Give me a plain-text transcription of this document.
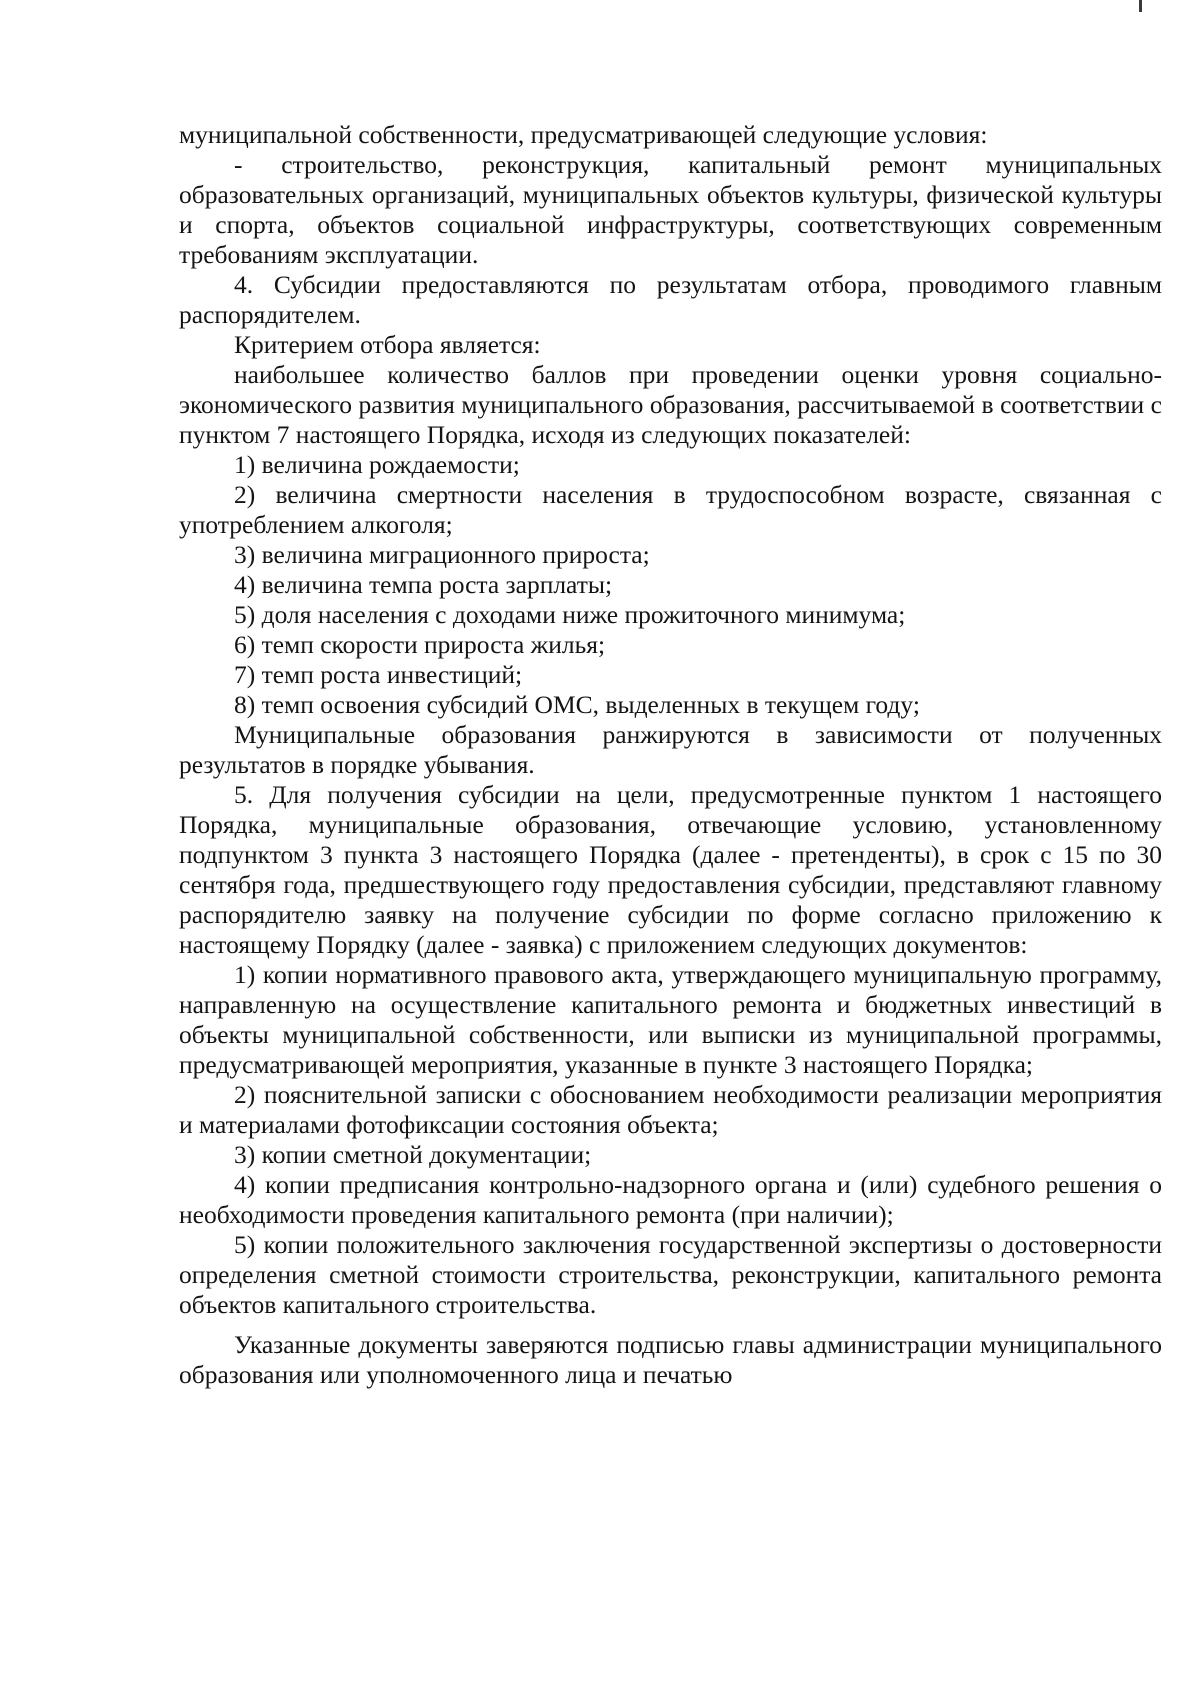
муниципальной собственности, предусматривающей следующие условия:

- строительство, реконструкция, капитальный ремонт муниципальных образовательных организаций, муниципальных объектов культуры, физической культуры и спорта, объектов социальной инфраструктуры, соответствующих современным требованиям эксплуатации.

4. Субсидии предоставляются по результатам отбора, проводимого главным распорядителем.

Критерием отбора является:

наибольшее количество баллов при проведении оценки уровня социально-экономического развития муниципального образования, рассчитываемой в соответствии с пунктом 7 настоящего Порядка, исходя из следующих показателей:

1) величина рождаемости;

2) величина смертности населения в трудоспособном возрасте, связанная с употреблением алкоголя;

3) величина миграционного прироста;

4) величина темпа роста зарплаты;

5) доля населения с доходами ниже прожиточного минимума;

6) темп скорости прироста жилья;

7) темп роста инвестиций;

8) темп освоения субсидий ОМС, выделенных в текущем году;

Муниципальные образования ранжируются в зависимости от полученных результатов в порядке убывания.

5. Для получения субсидии на цели, предусмотренные пунктом 1 настоящего Порядка, муниципальные образования, отвечающие условию, установленному подпунктом 3 пункта 3 настоящего Порядка (далее - претенденты), в срок с 15 по 30 сентября года, предшествующего году предоставления субсидии, представляют главному распорядителю заявку на получение субсидии по форме согласно приложению к настоящему Порядку (далее - заявка) с приложением следующих документов:

1) копии нормативного правового акта, утверждающего муниципальную программу, направленную на осуществление капитального ремонта и бюджетных инвестиций в объекты муниципальной собственности, или выписки из муниципальной программы, предусматривающей мероприятия, указанные в пункте 3 настоящего Порядка;

2) пояснительной записки с обоснованием необходимости реализации мероприятия и материалами фотофиксации состояния объекта;

3) копии сметной документации;

4) копии предписания контрольно-надзорного органа и (или) судебного решения о необходимости проведения капитального ремонта (при наличии);

5) копии положительного заключения государственной экспертизы о достоверности определения сметной стоимости строительства, реконструкции, капитального ремонта объектов капитального строительства.

Указанные документы заверяются подписью главы администрации муниципального образования или уполномоченного лица и печатью
